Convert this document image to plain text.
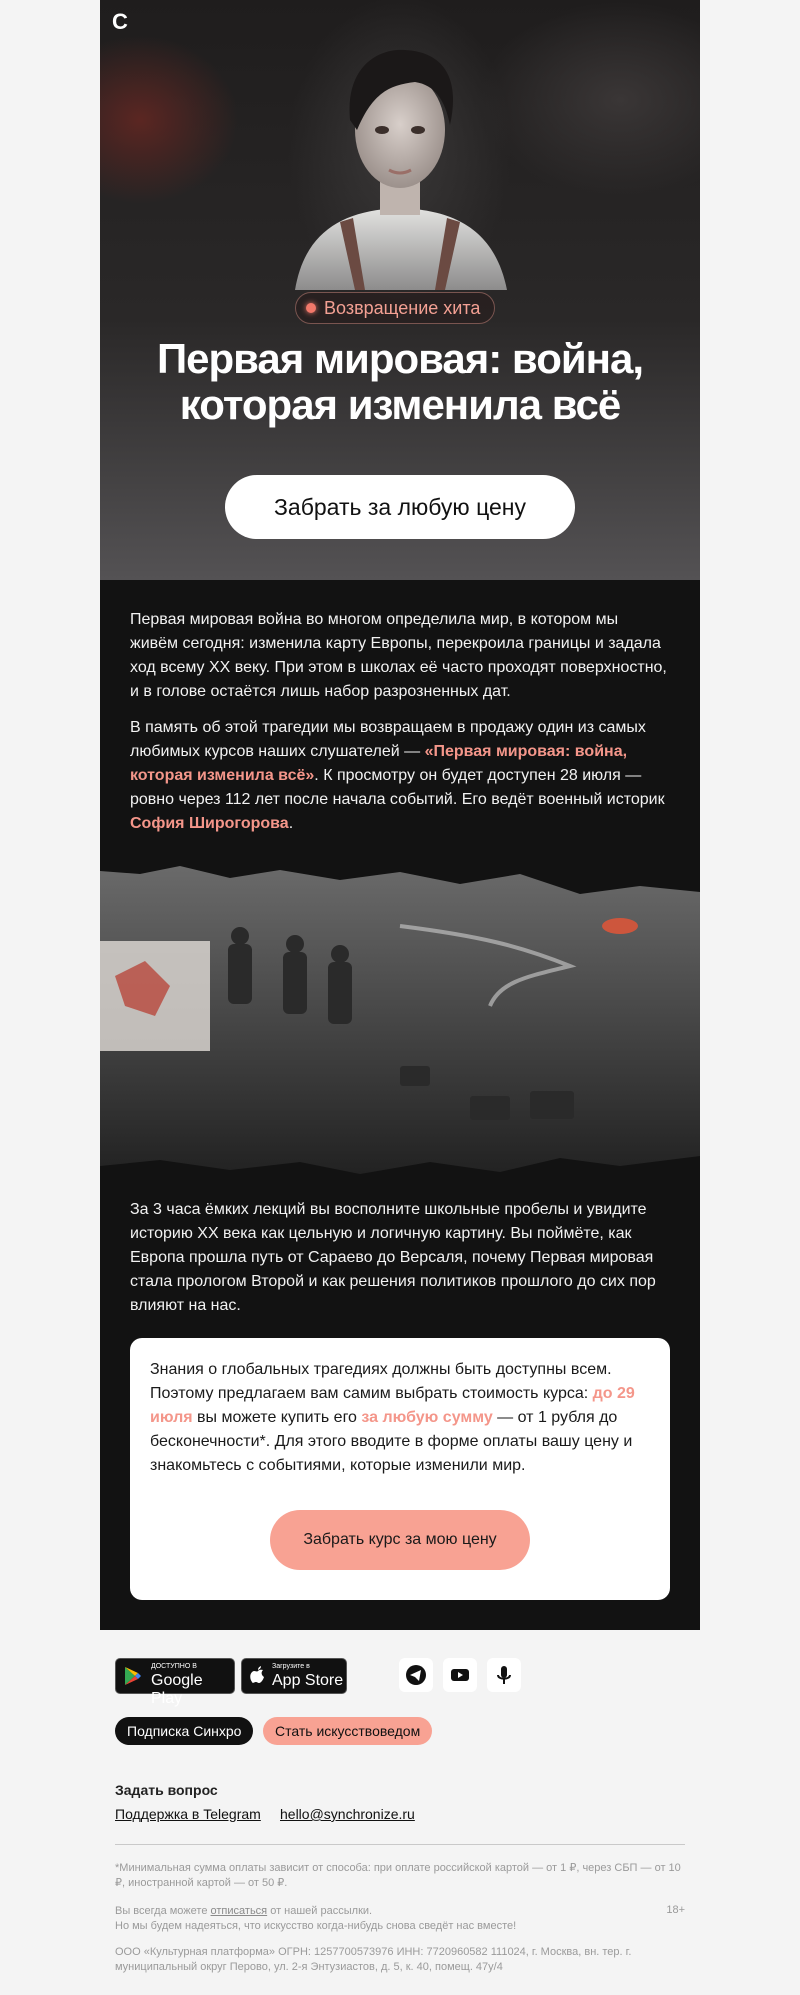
С
Возвращение хита
Первая мировая: война,
которая изменила всё
Забрать за любую цену

Первая мировая война во многом определила мир, в котором мы живём сегодня: изменила карту Европы, перекроила границы и задала ход всему XX веку. При этом в школах её часто проходят поверхностно, и в голове остаётся лишь набор разрозненных дат.

В память об этой трагедии мы возвращаем в продажу один из самых любимых курсов наших слушателей — «Первая мировая: война, которая изменила всё». К просмотру он будет доступен 28 июля — ровно через 112 лет после начала событий. Его ведёт военный историк София Широгорова.

За 3 часа ёмких лекций вы восполните школьные пробелы и увидите историю XX века как цельную и логичную картину. Вы поймёте, как Европа прошла путь от Сараево до Версаля, почему Первая мировая стала прологом Второй и как решения политиков прошлого до сих пор влияют на нас.

Знания о глобальных трагедиях должны быть доступны всем. Поэтому предлагаем вам самим выбрать стоимость курса: до 29 июля вы можете купить его за любую сумму — от 1 рубля до бесконечности*. Для этого вводите в форме оплаты вашу цену и знакомьтесь с событиями, которые изменили мир.

Забрать курс за мою цену
ДОСТУПНО В
Google Play
Загрузите в
App Store
Подписка Синхро	Стать искусствоведом
Задать вопрос
Поддержка в Telegram hello@synchronize.ru
*Минимальная сумма оплаты зависит от способа: при оплате российской картой — от 1 ₽, через СБП — от 10 ₽, иностранной картой — от 50 ₽.
Вы всегда можете отписаться от нашей рассылки.
Но мы будем надеяться, что искусство когда-нибудь снова сведёт нас вместе!
18+
ООО «Культурная платформа» ОГРН: 1257700573976 ИНН: 7720960582 111024, г. Москва, вн. тер. г. муниципальный округ Перово, ул. 2-я Энтузиастов, д. 5, к. 40, помещ. 47у/4
